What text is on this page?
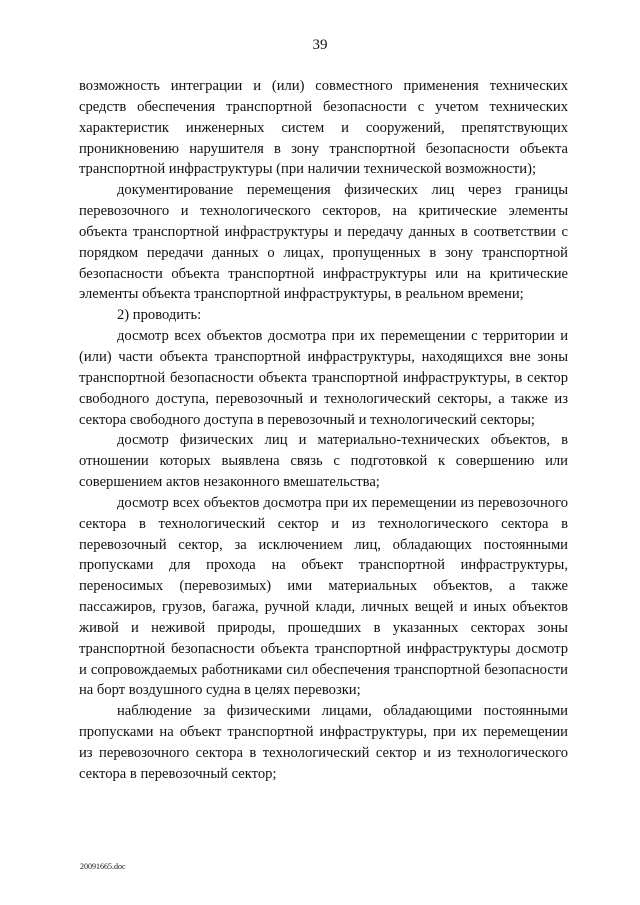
39

возможность интеграции и (или) совместного применения технических средств обеспечения транспортной безопасности с учетом технических характеристик инженерных систем и сооружений, препятствующих проникновению нарушителя в зону транспортной безопасности объекта транспортной инфраструктуры (при наличии технической возможности);

документирование перемещения физических лиц через границы перевозочного и технологического секторов, на критические элементы объекта транспортной инфраструктуры и передачу данных в соответствии с порядком передачи данных о лицах, пропущенных в зону транспортной безопасности объекта транспортной инфраструктуры или на критические элементы объекта транспортной инфраструктуры, в реальном времени;

2) проводить:

досмотр всех объектов досмотра при их перемещении с территории и (или) части объекта транспортной инфраструктуры, находящихся вне зоны транспортной безопасности объекта транспортной инфраструктуры, в сектор свободного доступа, перевозочный и технологический секторы, а также из сектора свободного доступа в перевозочный и технологический секторы;

досмотр физических лиц и материально-технических объектов, в отношении которых выявлена связь с подготовкой к совершению или совершением актов незаконного вмешательства;

досмотр всех объектов досмотра при их перемещении из перевозочного сектора в технологический сектор и из технологического сектора в перевозочный сектор, за исключением лиц, обладающих постоянными пропусками для прохода на объект транспортной инфраструктуры, переносимых (перевозимых) ими материальных объектов, а также пассажиров, грузов, багажа, ручной клади, личных вещей и иных объектов живой и неживой природы, прошедших в указанных секторах зоны транспортной безопасности объекта транспортной инфраструктуры досмотр и сопровождаемых работниками сил обеспечения транспортной безопасности на борт воздушного судна в целях перевозки;

наблюдение за физическими лицами, обладающими постоянными пропусками на объект транспортной инфраструктуры, при их перемещении из перевозочного сектора в технологический сектор и из технологического сектора в перевозочный сектор;

20091665.doc
